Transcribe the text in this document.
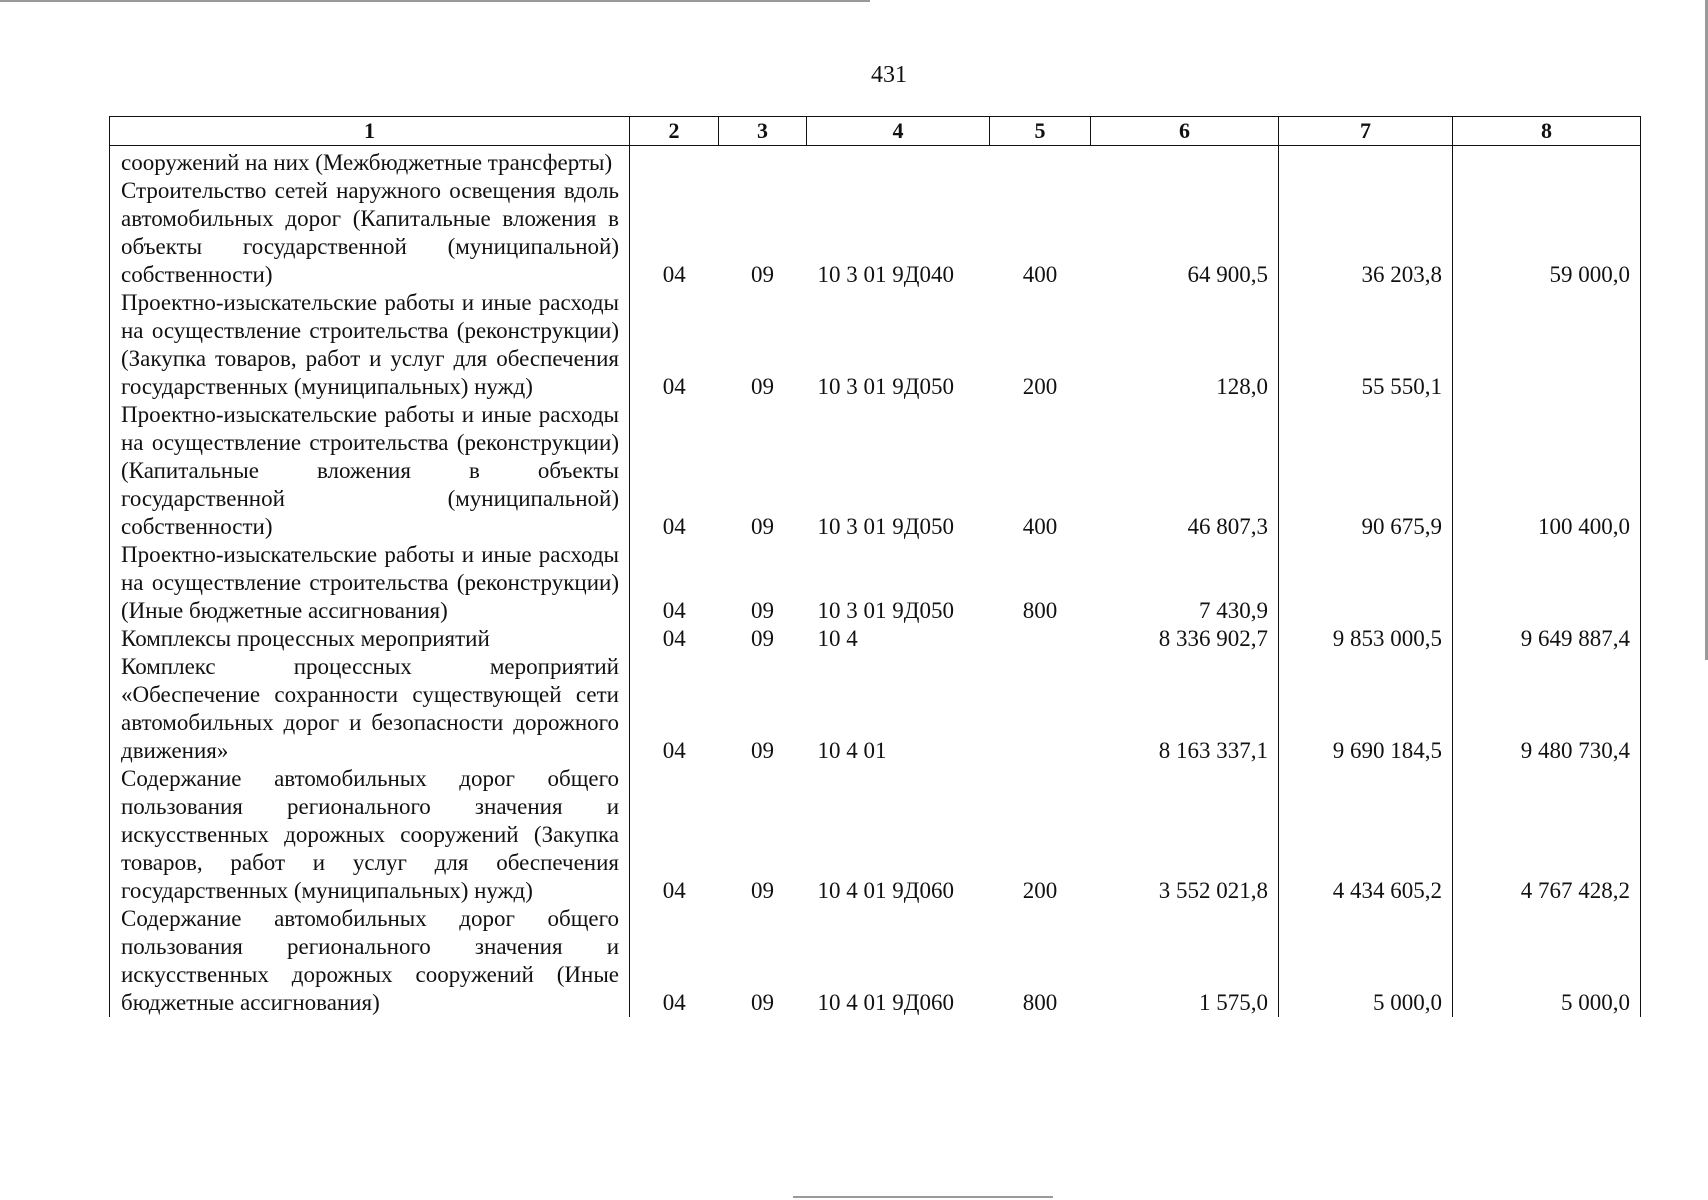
431
1	2	3	4	5	6	7	8
сооружений на них (Межбюджетные трансферты)							
Строительство сетей наружного освещения вдоль автомобильных дорог (Капитальные вложения в объекты государственной (муниципальной) собственности)	04	09	10 3 01 9Д040	400	64 900,5	36 203,8	59 000,0
Проектно-изыскательские работы и иные расходы на осуществление строительства (реконструкции) (Закупка товаров, работ и услуг для обеспечения государственных (муниципальных) нужд)	04	09	10 3 01 9Д050	200	128,0	55 550,1	
Проектно-изыскательские работы и иные расходы на осуществление строительства (реконструкции) (Капитальные вложения в объекты государственной (муниципальной) собственности)	04	09	10 3 01 9Д050	400	46 807,3	90 675,9	100 400,0
Проектно-изыскательские работы и иные расходы на осуществление строительства (реконструкции) (Иные бюджетные ассигнования)	04	09	10 3 01 9Д050	800	7 430,9		
Комплексы процессных мероприятий	04	09	10 4		8 336 902,7	9 853 000,5	9 649 887,4
Комплекс процессных мероприятий «Обеспечение сохранности существующей сети автомобильных дорог и безопасности дорожного движения»	04	09	10 4 01		8 163 337,1	9 690 184,5	9 480 730,4
Содержание автомобильных дорог общего пользования регионального значения и искусственных дорожных сооружений (Закупка товаров, работ и услуг для обеспечения государственных (муниципальных) нужд)	04	09	10 4 01 9Д060	200	3 552 021,8	4 434 605,2	4 767 428,2
Содержание автомобильных дорог общего пользования регионального значения и искусственных дорожных сооружений (Иные бюджетные ассигнования)	04	09	10 4 01 9Д060	800	1 575,0	5 000,0	5 000,0
